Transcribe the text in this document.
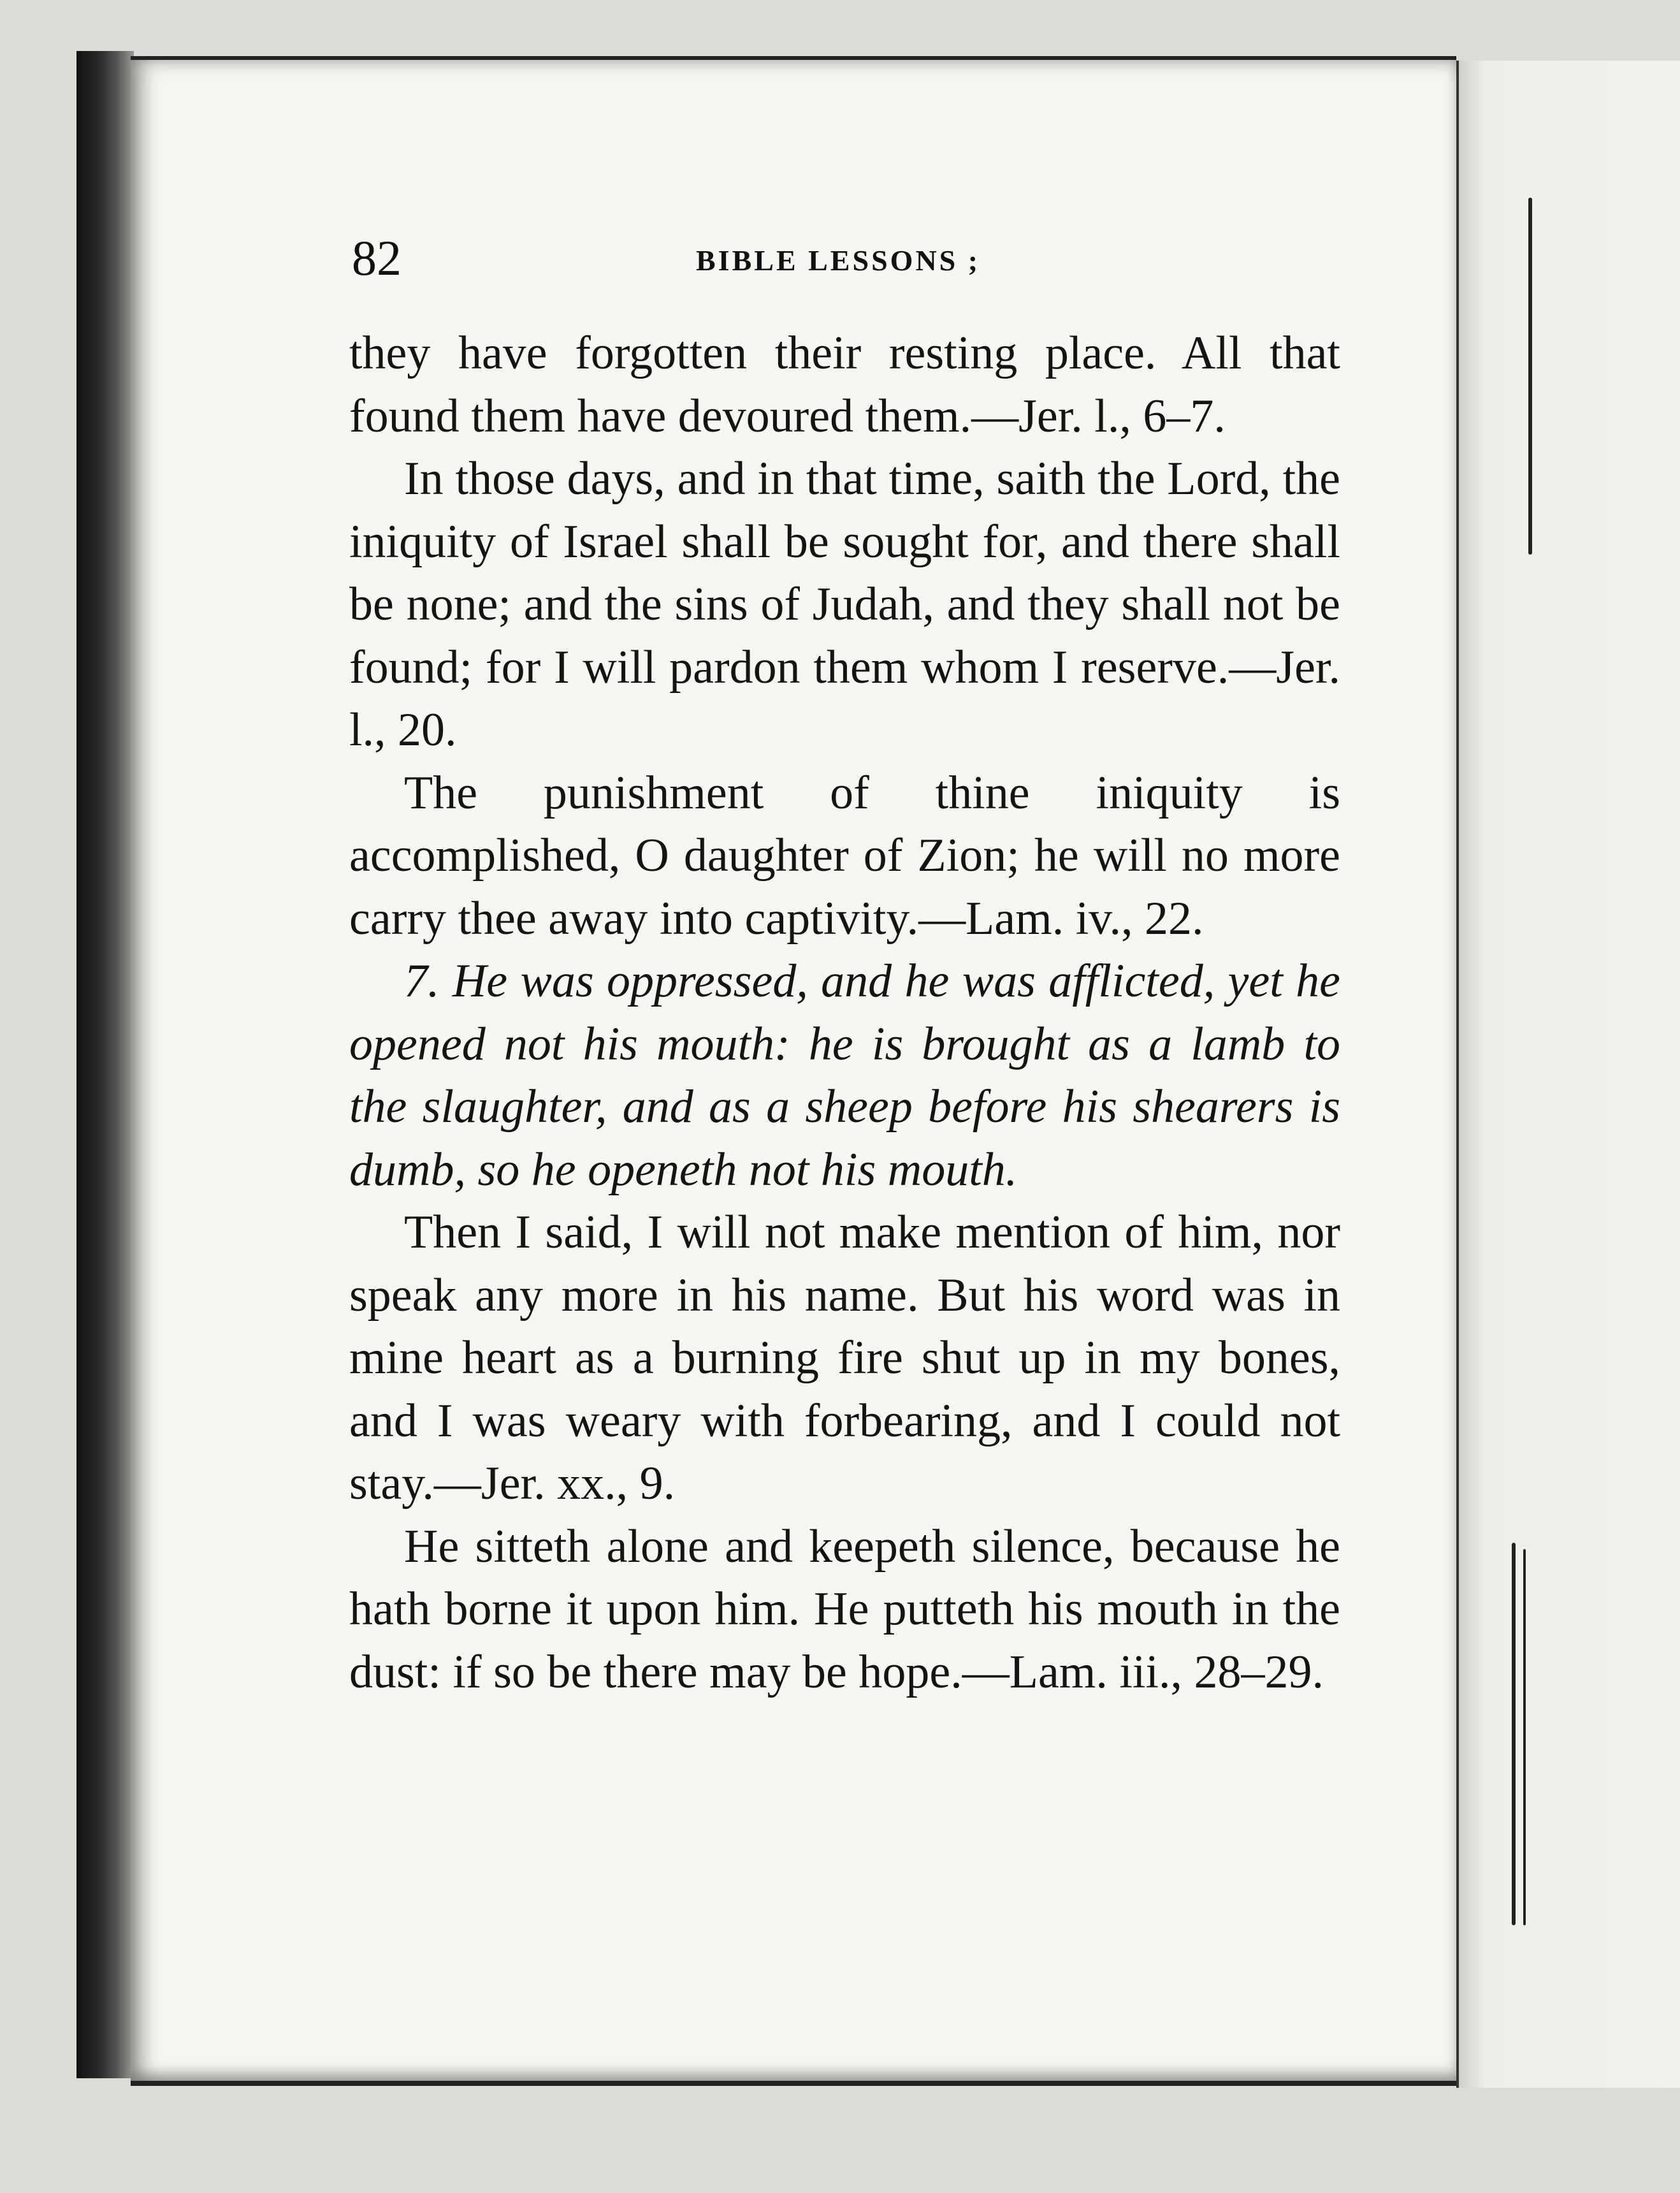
82	BIBLE LESSONS ;

they have forgotten their resting place. All that found them have devoured them.—Jer. l., 6–7.

In those days, and in that time, saith the Lord, the iniquity of Israel shall be sought for, and there shall be none; and the sins of Judah, and they shall not be found; for I will pardon them whom I reserve.—Jer. l., 20.

The punishment of thine iniquity is accomplished, O daughter of Zion; he will no more carry thee away into captivity.—Lam. iv., 22.

7. He was oppressed, and he was afflicted, yet he opened not his mouth: he is brought as a lamb to the slaughter, and as a sheep before his shearers is dumb, so he openeth not his mouth.

Then I said, I will not make mention of him, nor speak any more in his name. But his word was in mine heart as a burning fire shut up in my bones, and I was weary with forbearing, and I could not stay.—Jer. xx., 9.

He sitteth alone and keepeth silence, because he hath borne it upon him. He putteth his mouth in the dust: if so be there may be hope.—Lam. iii., 28–29.
